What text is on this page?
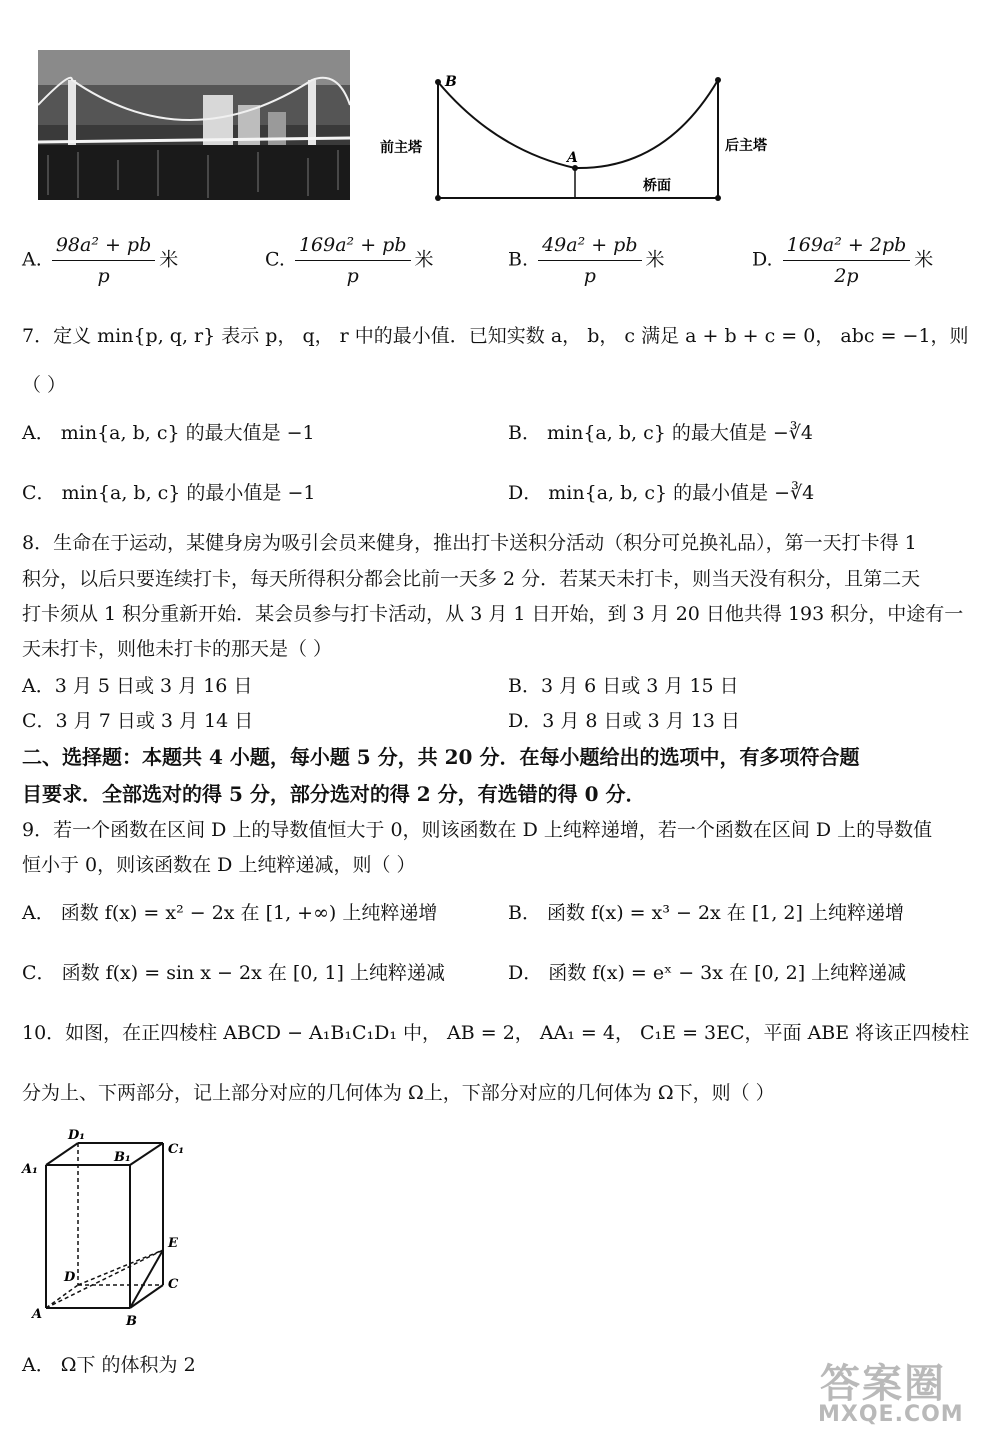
B
A
前主塔	后主塔
桥面
A. $\frac{\text{98a² + pb}}{p}$ 米	C. $\frac{\text{169a² + pb}}{p}$ 米	B. $\frac{\text{49a² + pb}}{p}$ 米	D. $\frac{\text{169a² + 2pb}}{2p}$ 米
7．定义 min{p, q, r} 表示 p， q， r 中的最小值．已知实数 a， b， c 满足 a + b + c = 0， abc = −1，则
（ ）
A． min{a, b, c} 的最大值是 −1	B． min{a, b, c} 的最大值是 −∛4
C． min{a, b, c} 的最小值是 −1	D． min{a, b, c} 的最小值是 −∛4
8．生命在于运动，某健身房为吸引会员来健身，推出打卡送积分活动（积分可兑换礼品），第一天打卡得 1
积分，以后只要连续打卡，每天所得积分都会比前一天多 2 分．若某天未打卡，则当天没有积分，且第二天
打卡须从 1 积分重新开始．某会员参与打卡活动，从 3 月 1 日开始，到 3 月 20 日他共得 193 积分，中途有一
天未打卡，则他未打卡的那天是（ ）
A．3 月 5 日或 3 月 16 日	B．3 月 6 日或 3 月 15 日
C．3 月 7 日或 3 月 14 日	D．3 月 8 日或 3 月 13 日
二、选择题：本题共 4 小题，每小题 5 分，共 20 分．在每小题给出的选项中，有多项符合题
目要求．全部选对的得 5 分，部分选对的得 2 分，有选错的得 0 分．
9．若一个函数在区间 D 上的导数值恒大于 0，则该函数在 D 上纯粹递增，若一个函数在区间 D 上的导数值
恒小于 0，则该函数在 D 上纯粹递减，则（ ）
A． 函数 f(x) = x² − 2x 在 [1, +∞) 上纯粹递增	B． 函数 f(x) = x³ − 2x 在 [1, 2] 上纯粹递增
C． 函数 f(x) = sin x − 2x 在 [0, 1] 上纯粹递减	D． 函数 f(x) = eˣ − 3x 在 [0, 2] 上纯粹递减
10．如图，在正四棱柱 ABCD − A₁B₁C₁D₁ 中， AB = 2， AA₁ = 4， C₁E = 3EC，平面 ABE 将该正四棱柱
分为上、下两部分，记上部分对应的几何体为 Ω上，下部分对应的几何体为 Ω下，则（ ）
D₁
C₁
A₁
B₁
E
D	C
A	B
A． Ω下 的体积为 2	答案圈
MXQE.COM
